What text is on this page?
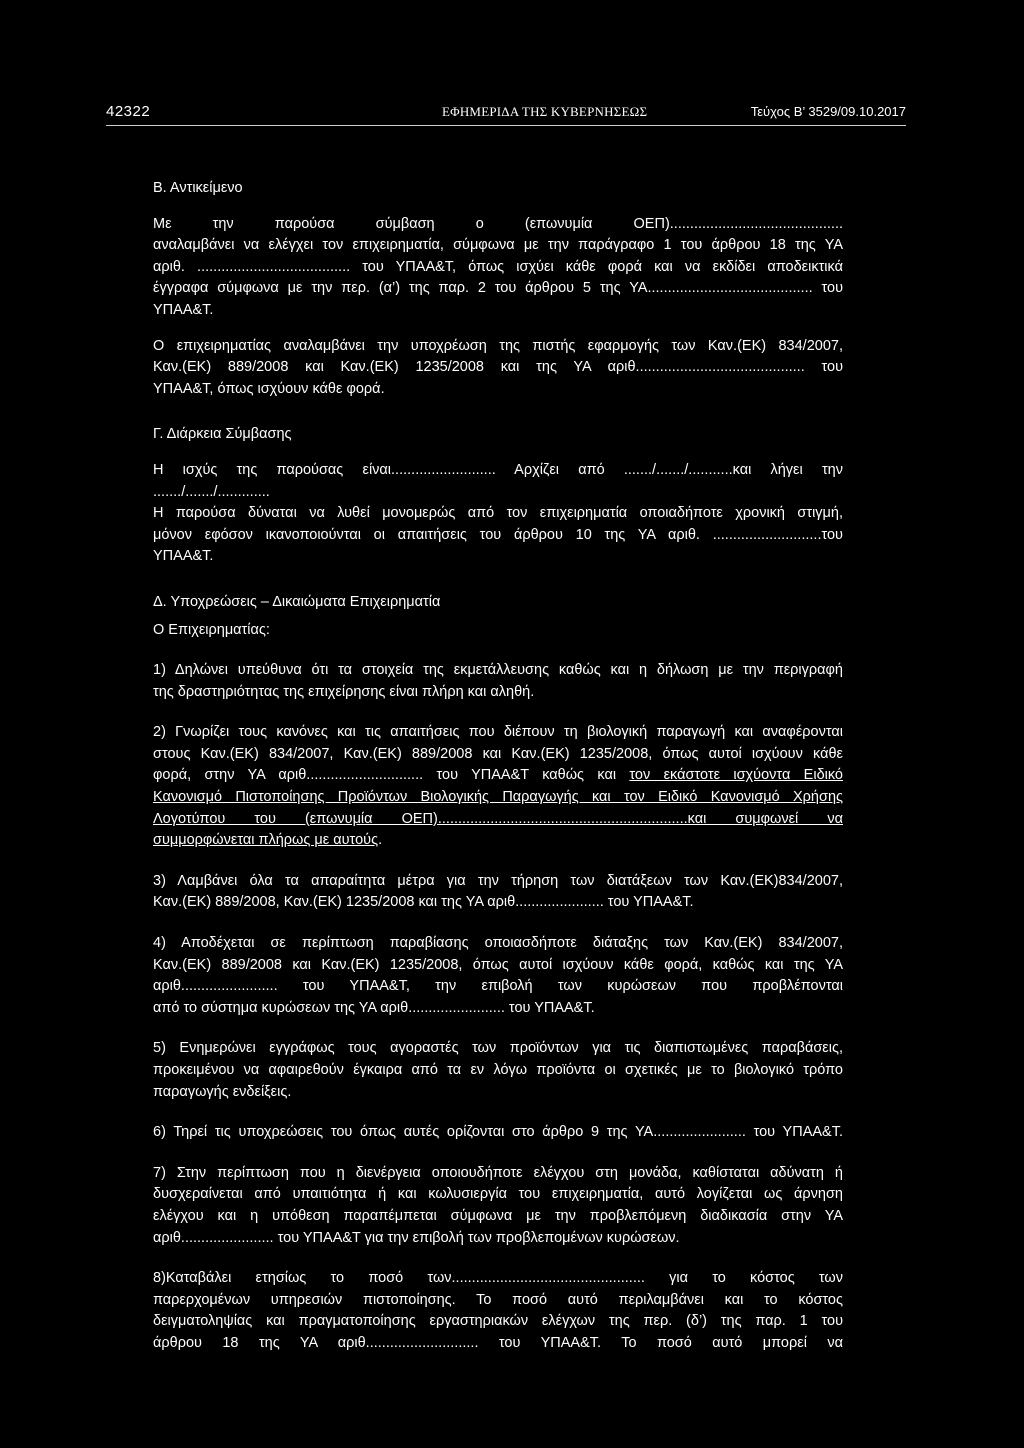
42322	ΕΦΗΜΕΡΙΔΑ ΤΗΣ ΚΥΒΕΡΝΗΣΕΩΣ	Τεύχος Β’ 3529/09.10.2017
Β. Αντικείμενο
Με την παρούσα σύμβαση ο (επωνυμία ΟΕΠ)...........................................
αναλαμβάνει να ελέγχει τον επιχειρηματία, σύμφωνα με την παράγραφο 1 του άρθρου 18 της ΥΑ
αριθ. ...................................... του ΥΠΑΑ&Τ, όπως ισχύει κάθε φορά και να εκδίδει αποδεικτικά
έγγραφα σύμφωνα με την περ. (α’) της παρ. 2 του άρθρου 5 της ΥΑ......................................... του
ΥΠΑΑ&Τ.
Ο επιχειρηματίας αναλαμβάνει την υποχρέωση της πιστής εφαρμογής των Καν.(ΕΚ) 834/2007,
Καν.(ΕΚ) 889/2008 και Καν.(ΕΚ) 1235/2008 και της ΥΑ αριθ.......................................... του
ΥΠΑΑ&Τ, όπως ισχύουν κάθε φορά.
Γ. Διάρκεια Σύμβασης
Η ισχύς της παρούσας είναι.......................... Αρχίζει από ......./......./...........και λήγει την
......./......./.............
Η παρούσα δύναται να λυθεί μονομερώς από τον επιχειρηματία οποιαδήποτε χρονική στιγμή,
μόνον εφόσον ικανοποιούνται οι απαιτήσεις του άρθρου 10 της ΥΑ αριθ. ...........................του
ΥΠΑΑ&Τ.
Δ. Υποχρεώσεις – Δικαιώματα Επιχειρηματία
Ο Επιχειρηματίας:
1) Δηλώνει υπεύθυνα ότι τα στοιχεία της εκμετάλλευσης καθώς και η δήλωση με την περιγραφή
της δραστηριότητας της επιχείρησης είναι πλήρη και αληθή.
2) Γνωρίζει τους κανόνες και τις απαιτήσεις που διέπουν τη βιολογική παραγωγή και αναφέρονται
στους Καν.(ΕΚ) 834/2007, Καν.(ΕΚ) 889/2008 και Καν.(ΕΚ) 1235/2008, όπως αυτοί ισχύουν κάθε
φορά, στην ΥΑ αριθ............................. του ΥΠΑΑ&Τ καθώς και τον εκάστοτε ισχύοντα Ειδικό
Κανονισμό Πιστοποίησης Προϊόντων Βιολογικής Παραγωγής και τον Ειδικό Κανονισμό Χρήσης
Λογοτύπου του (επωνυμία ΟΕΠ)..............................................................και συμφωνεί να
συμμορφώνεται πλήρως με αυτούς.
3) Λαμβάνει όλα τα απαραίτητα μέτρα για την τήρηση των διατάξεων των Καν.(ΕΚ)834/2007,
Καν.(ΕΚ) 889/2008, Καν.(ΕΚ) 1235/2008 και της ΥΑ αριθ...................... του ΥΠΑΑ&Τ.
4) Αποδέχεται σε περίπτωση παραβίασης οποιασδήποτε διάταξης των Καν.(ΕΚ) 834/2007,
Καν.(ΕΚ) 889/2008 και Καν.(ΕΚ) 1235/2008, όπως αυτοί ισχύουν κάθε φορά, καθώς και της ΥΑ
αριθ........................ του ΥΠΑΑ&Τ, την επιβολή των κυρώσεων που προβλέπονται
από το σύστημα κυρώσεων της ΥΑ αριθ........................ του ΥΠΑΑ&Τ.
5) Ενημερώνει εγγράφως τους αγοραστές των προϊόντων για τις διαπιστωμένες παραβάσεις,
προκειμένου να αφαιρεθούν έγκαιρα από τα εν λόγω προϊόντα οι σχετικές με το βιολογικό τρόπο
παραγωγής ενδείξεις.
6) Τηρεί τις υποχρεώσεις του όπως αυτές ορίζονται στο άρθρο 9 της ΥΑ....................... του ΥΠΑΑ&Τ.
7) Στην περίπτωση που η διενέργεια οποιουδήποτε ελέγχου στη μονάδα, καθίσταται αδύνατη ή
δυσχεραίνεται από υπαιτιότητα ή και κωλυσιεργία του επιχειρηματία, αυτό λογίζεται ως άρνηση
ελέγχου και η υπόθεση παραπέμπεται σύμφωνα με την προβλεπόμενη διαδικασία στην ΥΑ
αριθ....................... του ΥΠΑΑ&Τ για την επιβολή των προβλεπομένων κυρώσεων.
8)Καταβάλει ετησίως το ποσό των................................................ για το κόστος των
παρερχομένων υπηρεσιών πιστοποίησης. Το ποσό αυτό περιλαμβάνει και το κόστος
δειγματοληψίας και πραγματοποίησης εργαστηριακών ελέγχων της περ. (δ’) της παρ. 1 του
άρθρου 18 της ΥΑ αριθ............................ του ΥΠΑΑ&Τ. Το ποσό αυτό μπορεί να
